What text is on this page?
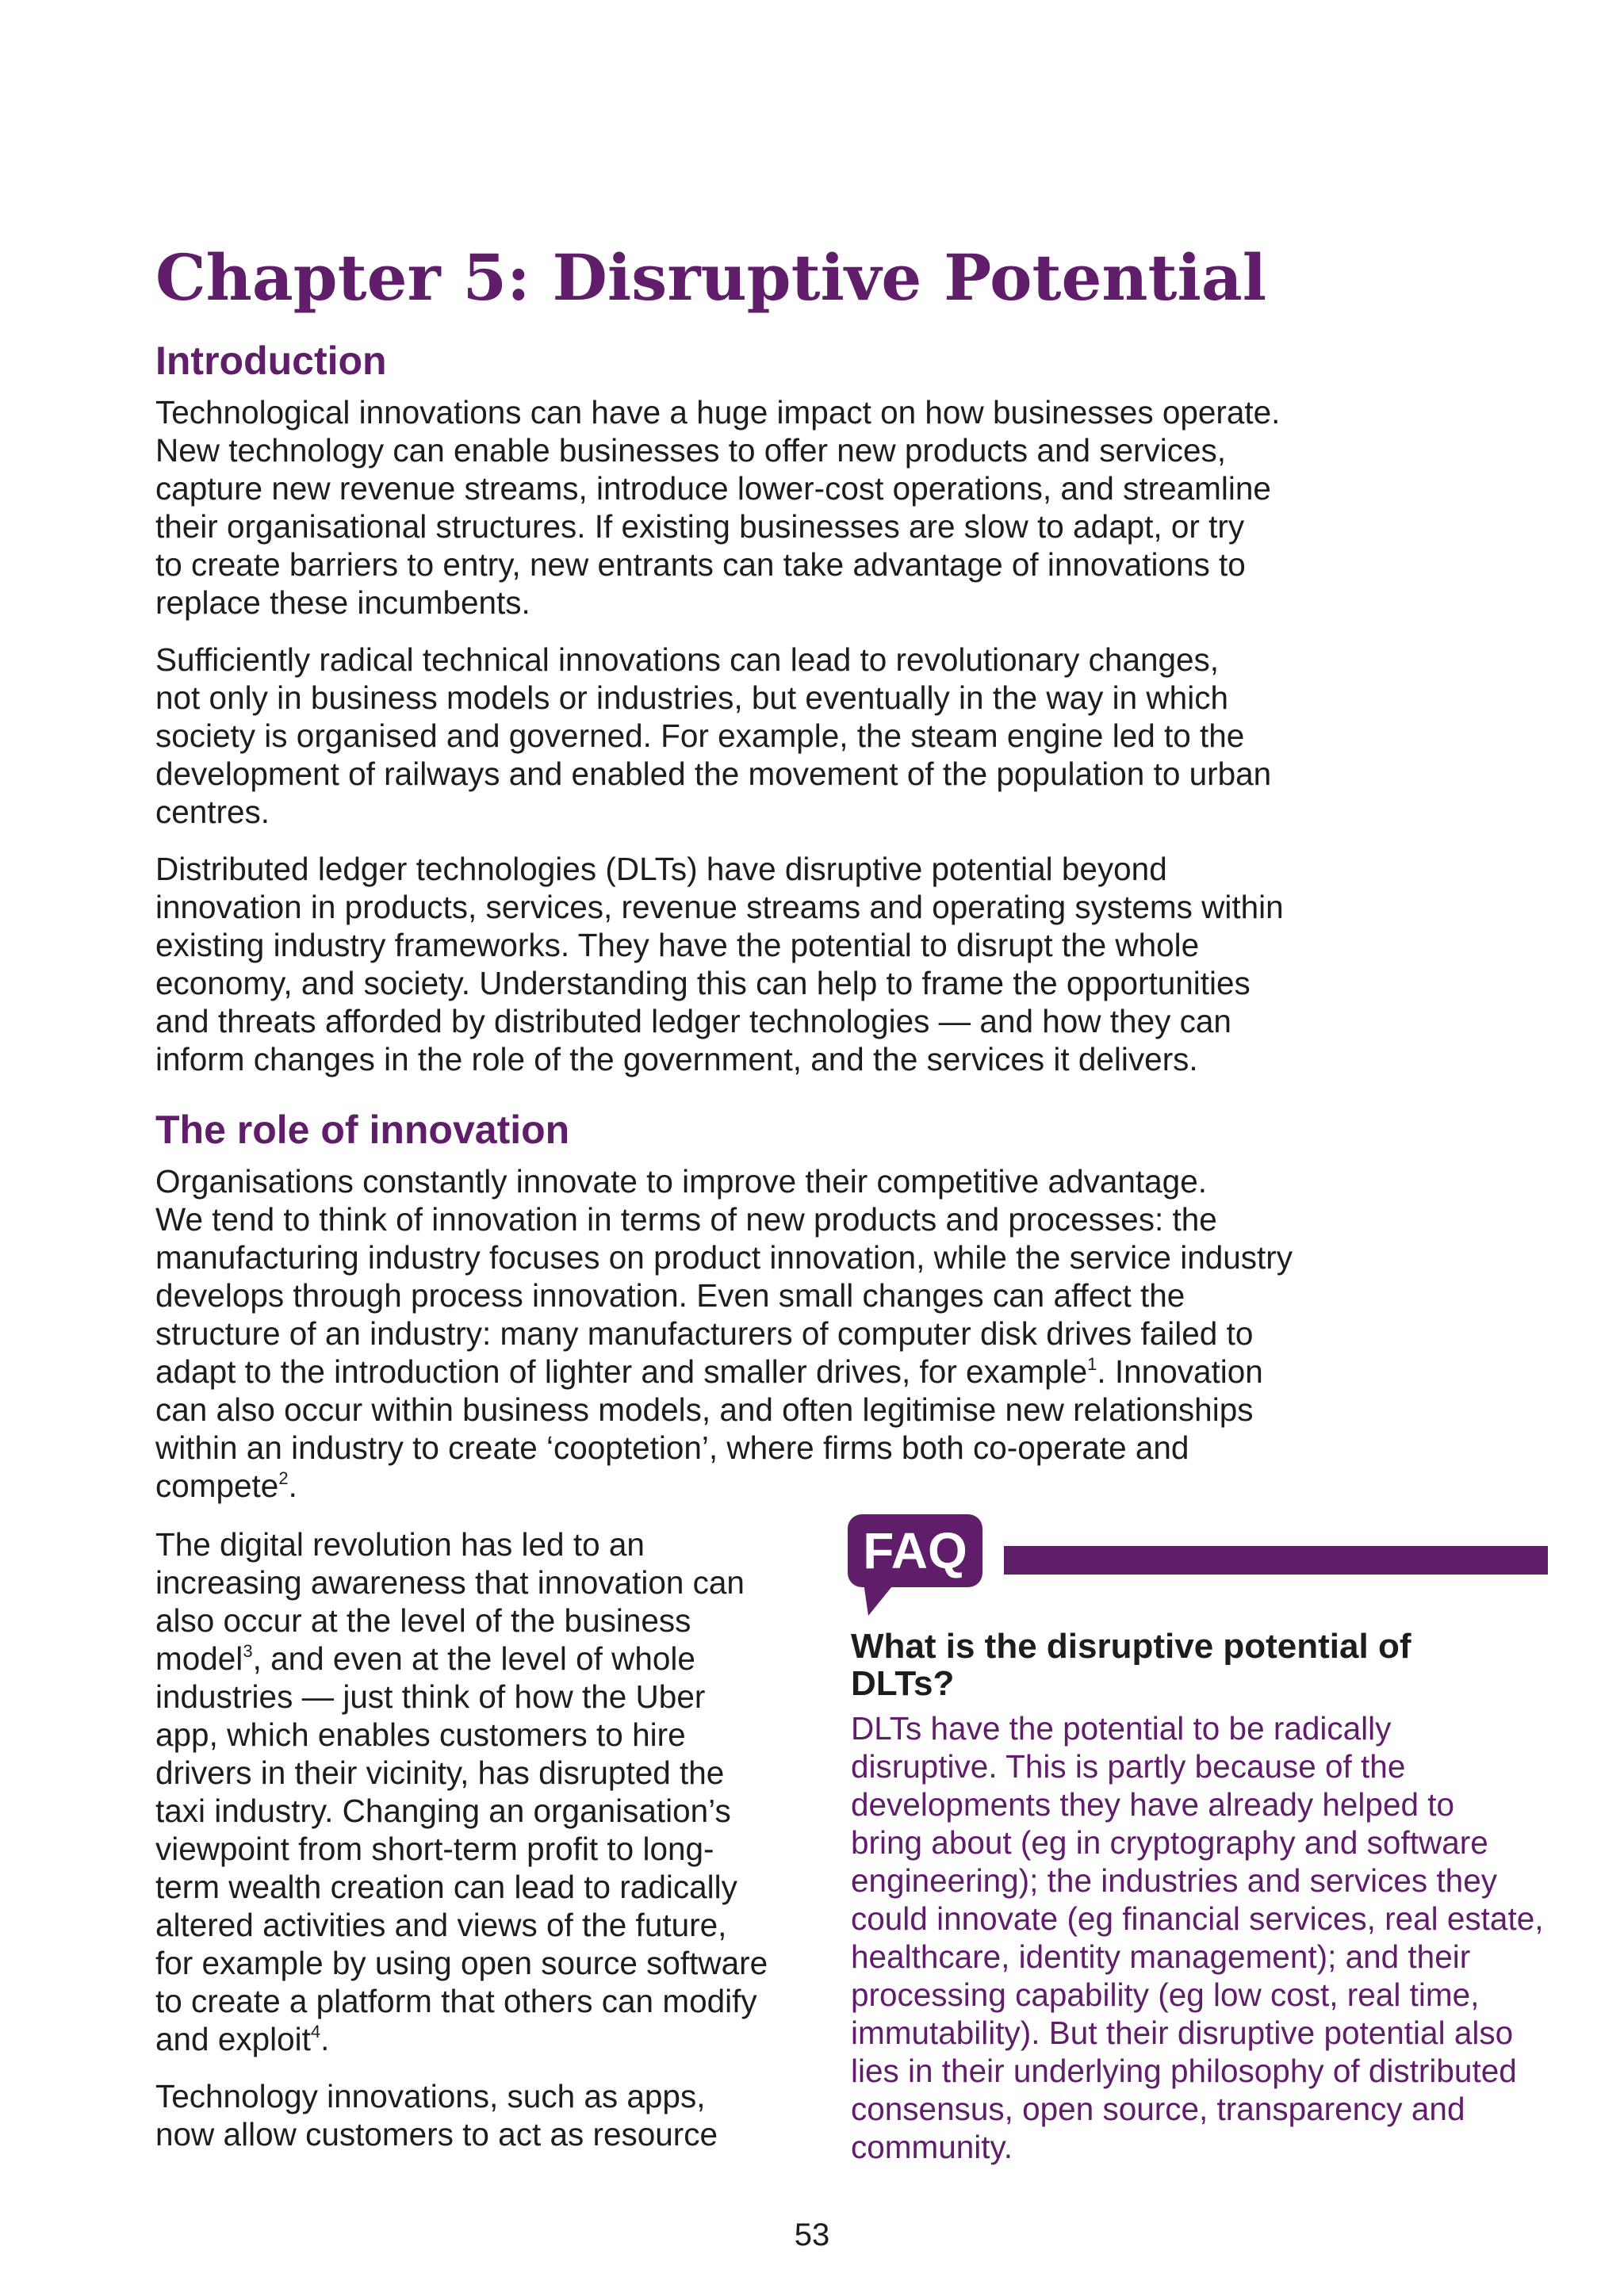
Chapter 5: Disruptive Potential
Introduction

Technological innovations can have a huge impact on how businesses operate.
New technology can enable businesses to offer new products and services,
capture new revenue streams, introduce lower-cost operations, and streamline
their organisational structures. If existing businesses are slow to adapt, or try
to create barriers to entry, new entrants can take advantage of innovations to
replace these incumbents.

Sufficiently radical technical innovations can lead to revolutionary changes,
not only in business models or industries, but eventually in the way in which
society is organised and governed. For example, the steam engine led to the
development of railways and enabled the movement of the population to urban
centres.

Distributed ledger technologies (DLTs) have disruptive potential beyond
innovation in products, services, revenue streams and operating systems within
existing industry frameworks. They have the potential to disrupt the whole
economy, and society. Understanding this can help to frame the opportunities
and threats afforded by distributed ledger technologies — and how they can
inform changes in the role of the government, and the services it delivers.

The role of innovation

Organisations constantly innovate to improve their competitive advantage.
We tend to think of innovation in terms of new products and processes: the
manufacturing industry focuses on product innovation, while the service industry
develops through process innovation. Even small changes can affect the
structure of an industry: many manufacturers of computer disk drives failed to
adapt to the introduction of lighter and smaller drives, for example$^1$. Innovation
can also occur within business models, and often legitimise new relationships
within an industry to create ‘cooptetion’, where firms both co-operate and
compete$^2$.

The digital revolution has led to an
increasing awareness that innovation can
also occur at the level of the business
model$^3$, and even at the level of whole
industries — just think of how the Uber
app, which enables customers to hire
drivers in their vicinity, has disrupted the
taxi industry. Changing an organisation’s
viewpoint from short-term profit to long-
term wealth creation can lead to radically
altered activities and views of the future,
for example by using open source software
to create a platform that others can modify
and exploit$^4$.

Technology innovations, such as apps,
now allow customers to act as resource

FAQ
What is the disruptive potential of
DLTs?

DLTs have the potential to be radically
disruptive. This is partly because of the
developments they have already helped to
bring about (eg in cryptography and software
engineering); the industries and services they
could innovate (eg financial services, real estate,
healthcare, identity management); and their
processing capability (eg low cost, real time,
immutability). But their disruptive potential also
lies in their underlying philosophy of distributed
consensus, open source, transparency and
community.

53
